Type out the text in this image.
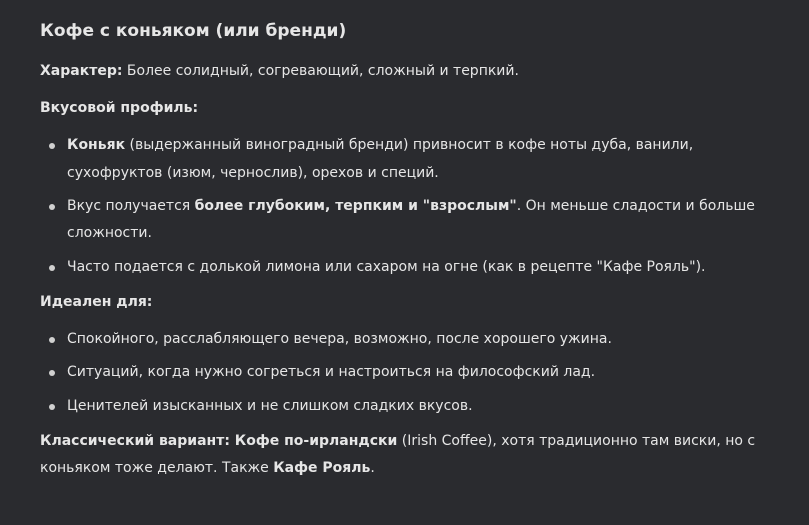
Кофе с коньяком (или бренди)

Характер: Более солидный, согревающий, сложный и терпкий.

Вкусовой профиль:

Коньяк (выдержанный виноградный бренди) привносит в кофе ноты дуба, ванили, сухофруктов (изюм, чернослив), орехов и специй.
Вкус получается более глубоким, терпким и "взрослым". Он меньше сладости и больше сложности.
Часто подается с долькой лимона или сахаром на огне (как в рецепте "Кафе Рояль").

Идеален для:

Спокойного, расслабляющего вечера, возможно, после хорошего ужина.
Ситуаций, когда нужно согреться и настроиться на философский лад.
Ценителей изысканных и не слишком сладких вкусов.

Классический вариант: Кофе по-ирландски (Irish Coffee), хотя традиционно там виски, но с коньяком тоже делают. Также Кафе Рояль.
